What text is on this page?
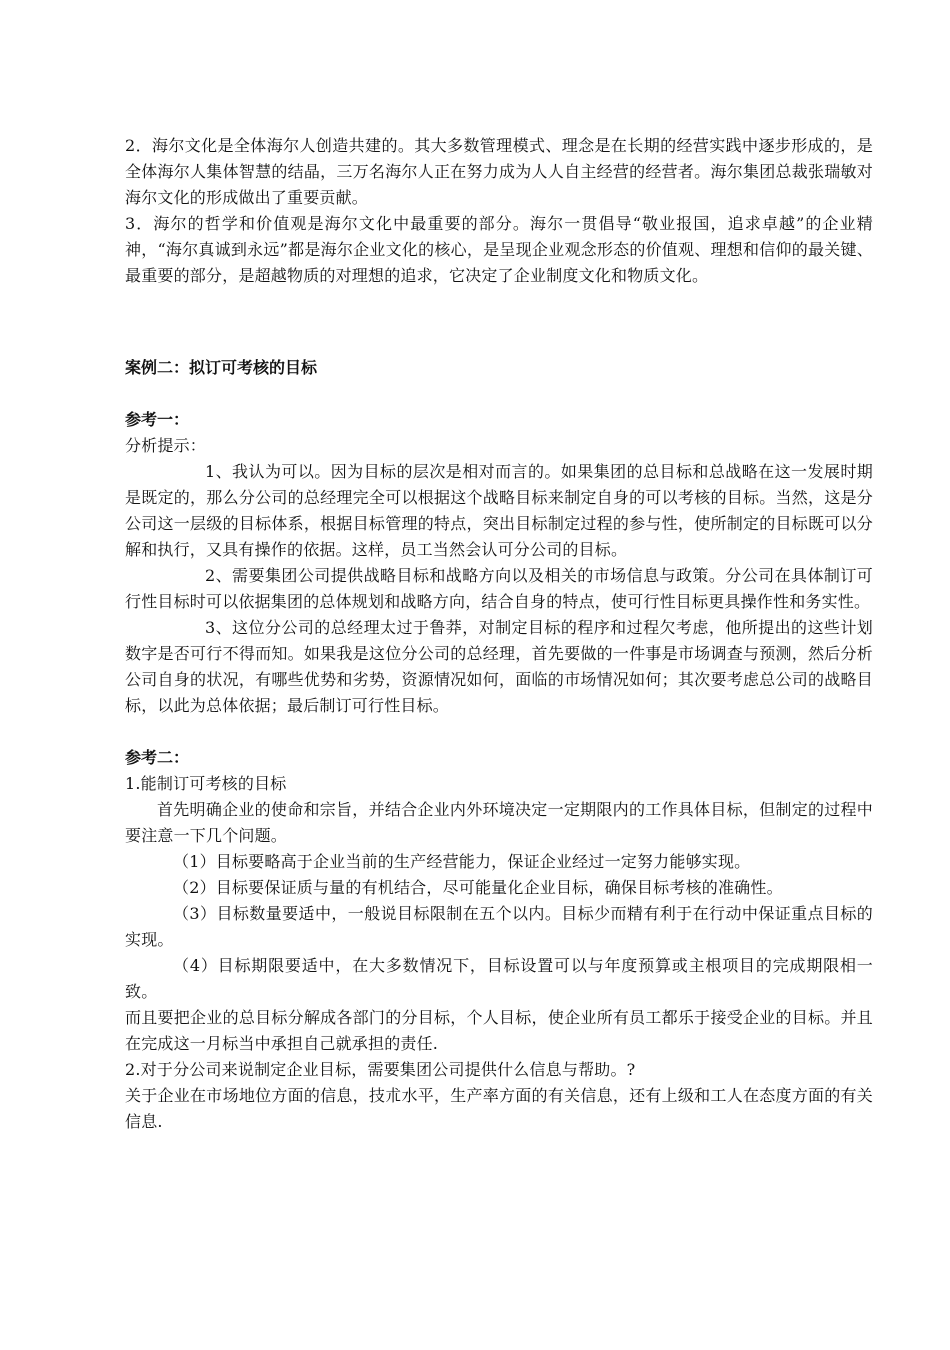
2．海尔文化是全体海尔人创造共建的。其大多数管理模式、理念是在长期的经营实践中逐步形成的，是全体海尔人集体智慧的结晶，三万名海尔人正在努力成为人人自主经营的经营者。海尔集团总裁张瑞敏对海尔文化的形成做出了重要贡献。

3．海尔的哲学和价值观是海尔文化中最重要的部分。海尔一贯倡导“敬业报国，追求卓越”的企业精神，“海尔真诚到永远”都是海尔企业文化的核心，是呈现企业观念形态的价值观、理想和信仰的最关键、最重要的部分，是超越物质的对理想的追求，它决定了企业制度文化和物质文化。

案例二：拟订可考核的目标

参考一：

分析提示：

1、我认为可以。因为目标的层次是相对而言的。如果集团的总目标和总战略在这一发展时期是既定的，那么分公司的总经理完全可以根据这个战略目标来制定自身的可以考核的目标。当然，这是分公司这一层级的目标体系，根据目标管理的特点，突出目标制定过程的参与性，使所制定的目标既可以分解和执行，又具有操作的依据。这样，员工当然会认可分公司的目标。

2、需要集团公司提供战略目标和战略方向以及相关的市场信息与政策。分公司在具体制订可行性目标时可以依据集团的总体规划和战略方向，结合自身的特点，使可行性目标更具操作性和务实性。

3、这位分公司的总经理太过于鲁莽，对制定目标的程序和过程欠考虑，他所提出的这些计划数字是否可行不得而知。如果我是这位分公司的总经理，首先要做的一件事是市场调查与预测，然后分析公司自身的状况，有哪些优势和劣势，资源情况如何，面临的市场情况如何；其次要考虑总公司的战略目标，以此为总体依据；最后制订可行性目标。

参考二：

1.能制订可考核的目标

首先明确企业的使命和宗旨，并结合企业内外环境决定一定期限内的工作具体目标，但制定的过程中要注意一下几个问题。

（1）目标要略高于企业当前的生产经营能力，保证企业经过一定努力能够实现。

（2）目标要保证质与量的有机结合，尽可能量化企业目标，确保目标考核的准确性。

（3）目标数量要适中，一般说目标限制在五个以内。目标少而精有利于在行动中保证重点目标的实现。

（4）目标期限要适中，在大多数情况下，目标设置可以与年度预算或主根项目的完成期限相一致。

而且要把企业的总目标分解成各部门的分目标，个人目标，使企业所有员工都乐于接受企业的目标。并且在完成这一月标当中承担自己就承担的责任.

2.对于分公司来说制定企业目标，需要集团公司提供什么信息与帮助。?

关于企业在市场地位方面的信息，技朮水平，生产率方面的有关信息，还有上级和工人在态度方面的有关信息.
